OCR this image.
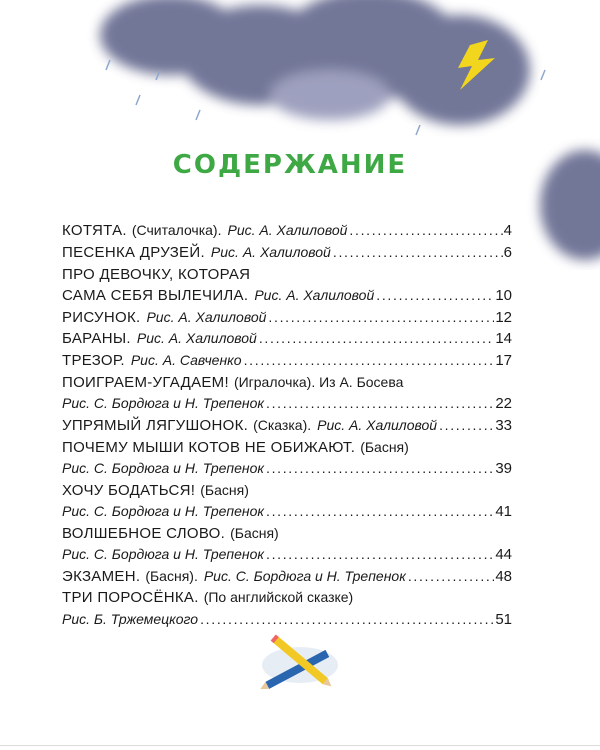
СОДЕРЖАНИЕ
КОТЯТА. (Считалочка). Рис. А. Халиловой . . .	4
ПЕСЕНКА ДРУЗЕЙ. Рис. А. Халиловой . . .	6
ПРО ДЕВОЧКУ, КОТОРАЯ
САМА СЕБЯ ВЫЛЕЧИЛА. Рис. А. Халиловой . . .	10
РИСУНОК. Рис. А. Халиловой . . .	12
БАРАНЫ. Рис. А. Халиловой . . .	14
ТРЕЗОР. Рис. А. Савченко . . .	17
ПОИГРАЕМ-УГАДАЕМ! (Игралочка). Из А. Босева
Рис. С. Бордюга и Н. Трепенок . . .	22
УПРЯМЫЙ ЛЯГУШОНОК. (Сказка). Рис. А. Халиловой . . .	33
ПОЧЕМУ МЫШИ КОТОВ НЕ ОБИЖАЮТ. (Басня)
Рис. С. Бордюга и Н. Трепенок . . .	39
ХОЧУ БОДАТЬСЯ! (Басня)
Рис. С. Бордюга и Н. Трепенок . . .	41
ВОЛШЕБНОЕ СЛОВО. (Басня)
Рис. С. Бордюга и Н. Трепенок . . .	44
ЭКЗАМЕН. (Басня). Рис. С. Бордюга и Н. Трепенок . . .	48
ТРИ ПОРОСЁНКА. (По английской сказке)
Рис. Б. Тржемецкого . . .	51
